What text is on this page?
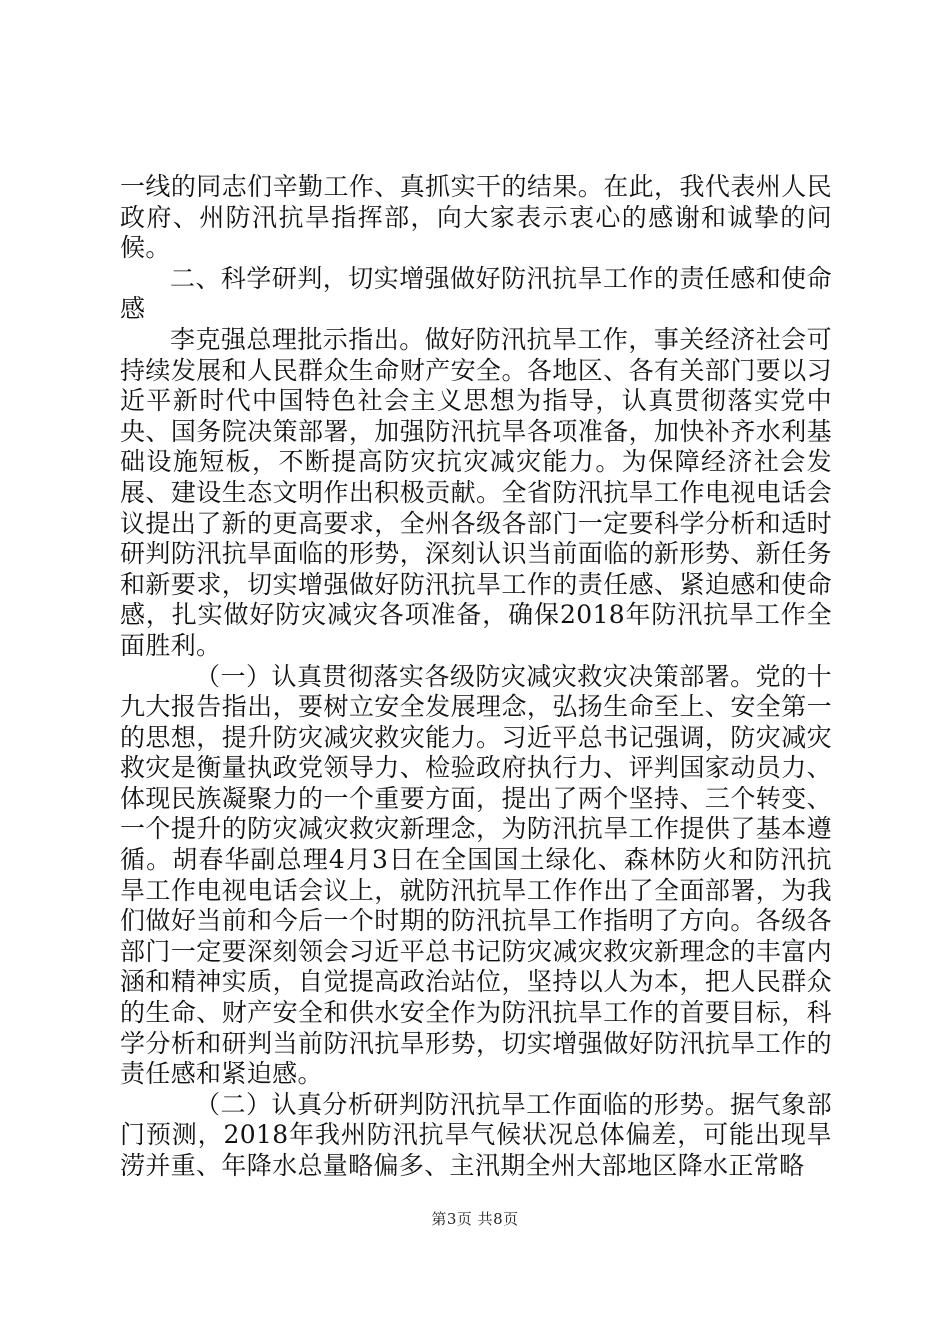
一线的同志们辛勤工作、真抓实干的结果。在此，我代表州人民政府、州防汛抗旱指挥部，向大家表示衷心的感谢和诚挚的问候。

二、科学研判，切实增强做好防汛抗旱工作的责任感和使命感

李克强总理批示指出。做好防汛抗旱工作，事关经济社会可持续发展和人民群众生命财产安全。各地区、各有关部门要以习近平新时代中国特色社会主义思想为指导，认真贯彻落实党中央、国务院决策部署，加强防汛抗旱各项准备，加快补齐水利基础设施短板，不断提高防灾抗灾减灾能力。为保障经济社会发展、建设生态文明作出积极贡献。全省防汛抗旱工作电视电话会议提出了新的更高要求，全州各级各部门一定要科学分析和适时研判防汛抗旱面临的形势，深刻认识当前面临的新形势、新任务和新要求，切实增强做好防汛抗旱工作的责任感、紧迫感和使命感，扎实做好防灾减灾各项准备，确保2018年防汛抗旱工作全面胜利。

（一）认真贯彻落实各级防灾减灾救灾决策部署。党的十九大报告指出，要树立安全发展理念，弘扬生命至上、安全第一的思想，提升防灾减灾救灾能力。习近平总书记强调，防灾减灾救灾是衡量执政党领导力、检验政府执行力、评判国家动员力、体现民族凝聚力的一个重要方面，提出了两个坚持、三个转变、一个提升的防灾减灾救灾新理念，为防汛抗旱工作提供了基本遵循。胡春华副总理4月3日在全国国土绿化、森林防火和防汛抗旱工作电视电话会议上，就防汛抗旱工作作出了全面部署，为我们做好当前和今后一个时期的防汛抗旱工作指明了方向。各级各部门一定要深刻领会习近平总书记防灾减灾救灾新理念的丰富内涵和精神实质，自觉提高政治站位，坚持以人为本，把人民群众的生命、财产安全和供水安全作为防汛抗旱工作的首要目标，科学分析和研判当前防汛抗旱形势，切实增强做好防汛抗旱工作的责任感和紧迫感。

（二）认真分析研判防汛抗旱工作面临的形势。据气象部门预测，2018年我州防汛抗旱气候状况总体偏差，可能出现旱涝并重、年降水总量略偏多、主汛期全州大部地区降水正常略

第3页 共8页
